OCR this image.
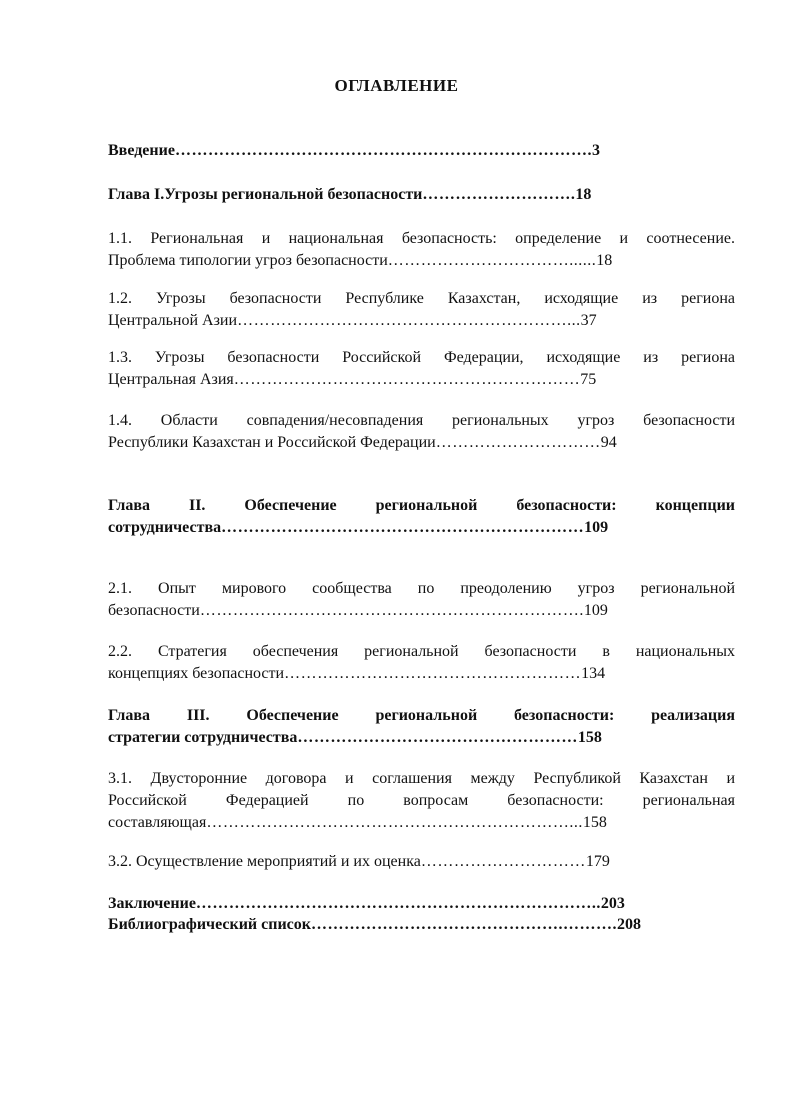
ОГЛАВЛЕНИЕ
Введение………………………………………………………………….3
Глава I.Угрозы региональной безопасности……………………….18
1.1. Региональная и национальная безопасность: определение и соотнесение.
Проблема типологии угроз безопасности……………………………......18
1.2. Угрозы безопасности Республике Казахстан, исходящие из региона
Центральной Азии……………………………………………………...37
1.3. Угрозы безопасности Российской Федерации, исходящие из региона
Центральная Азия………………………………………………………75
1.4. Области совпадения/несовпадения региональных угроз безопасности
Республики Казахстан и Российской Федерации…………………………94
Глава II. Обеспечение региональной безопасности: концепции
сотрудничества…………………………………………………………109
2.1. Опыт мирового сообщества по преодолению угроз региональной
безопасности…………………………………………………………….109
2.2. Стратегия обеспечения региональной безопасности в национальных
концепциях безопасности………………………………………………134
Глава III. Обеспечение региональной безопасности: реализация
стратегии сотрудничества……………………………………………158
3.1. Двусторонние договора и соглашения между Республикой Казахстан и
Российской Федерацией по вопросам безопасности: региональная
составляющая…………………………………………………………...158
3.2. Осуществление мероприятий и их оценка…………………………179
Заключение………………………………………………………………..203
Библиографический список……………………………………….……….208
